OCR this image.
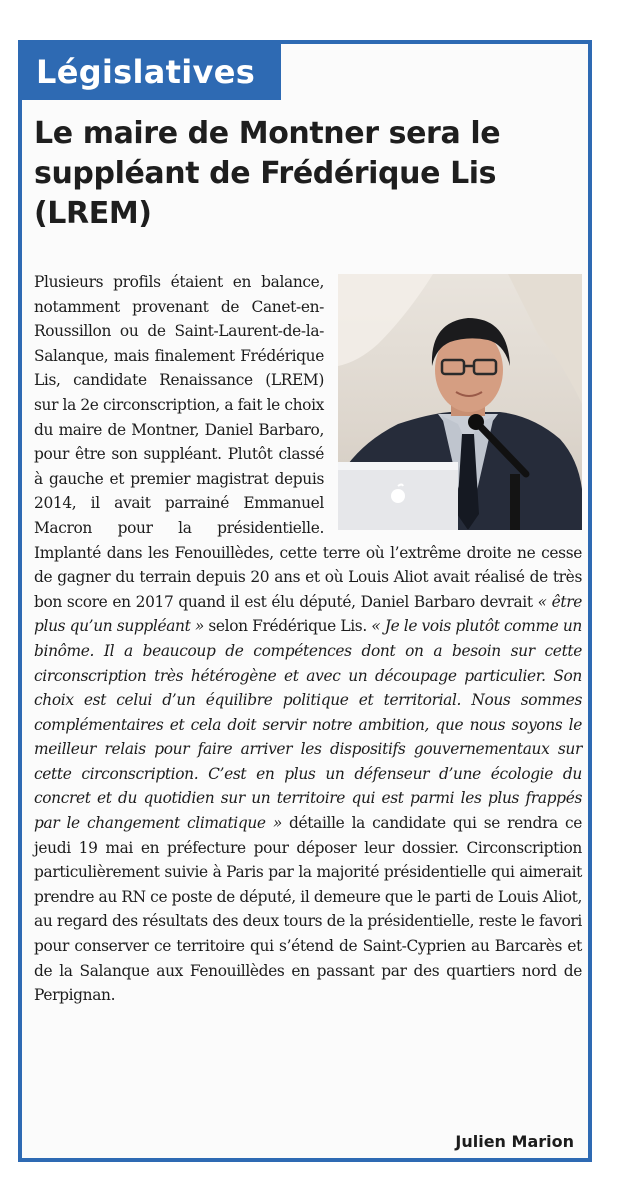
Législatives
Le maire de Montner sera le suppléant de Frédérique Lis (LREM)

Plusieurs profils étaient en balance, notamment provenant de Canet-en-Roussillon ou de Saint-Laurent-de-la-Salanque, mais finalement Frédérique Lis, candidate Renaissance (LREM) sur la 2e circonscription, a fait le choix du maire de Montner, Daniel Barbaro, pour être son suppléant. Plutôt classé à gauche et premier magistrat depuis 2014, il avait parrainé Emmanuel Macron pour la présidentielle. Implanté dans les Fenouillèdes, cette terre où l’extrême droite ne cesse de gagner du terrain depuis 20 ans et où Louis Aliot avait réalisé de très bon score en 2017 quand il est élu député, Daniel Barbaro devrait « être plus qu’un suppléant » selon Frédérique Lis. « Je le vois plutôt comme un binôme. Il a beaucoup de compétences dont on a besoin sur cette circonscription très hétérogène et avec un découpage particulier. Son choix est celui d’un équilibre politique et territorial. Nous sommes complémentaires et cela doit servir notre ambition, que nous soyons le meilleur relais pour faire arriver les dispositifs gouvernementaux sur cette circonscription. C’est en plus un défenseur d’une écologie du concret et du quotidien sur un territoire qui est parmi les plus frappés par le changement climatique » détaille la candidate qui se rendra ce jeudi 19 mai en préfecture pour déposer leur dossier. Circonscription particulièrement suivie à Paris par la majorité présidentielle qui aimerait prendre au RN ce poste de député, il demeure que le parti de Louis Aliot, au regard des résultats des deux tours de la présidentielle, reste le favori pour conserver ce territoire qui s’étend de Saint-Cyprien au Barcarès et de la Salanque aux Fenouillèdes en passant par des quartiers nord de Perpignan.

Julien Marion
